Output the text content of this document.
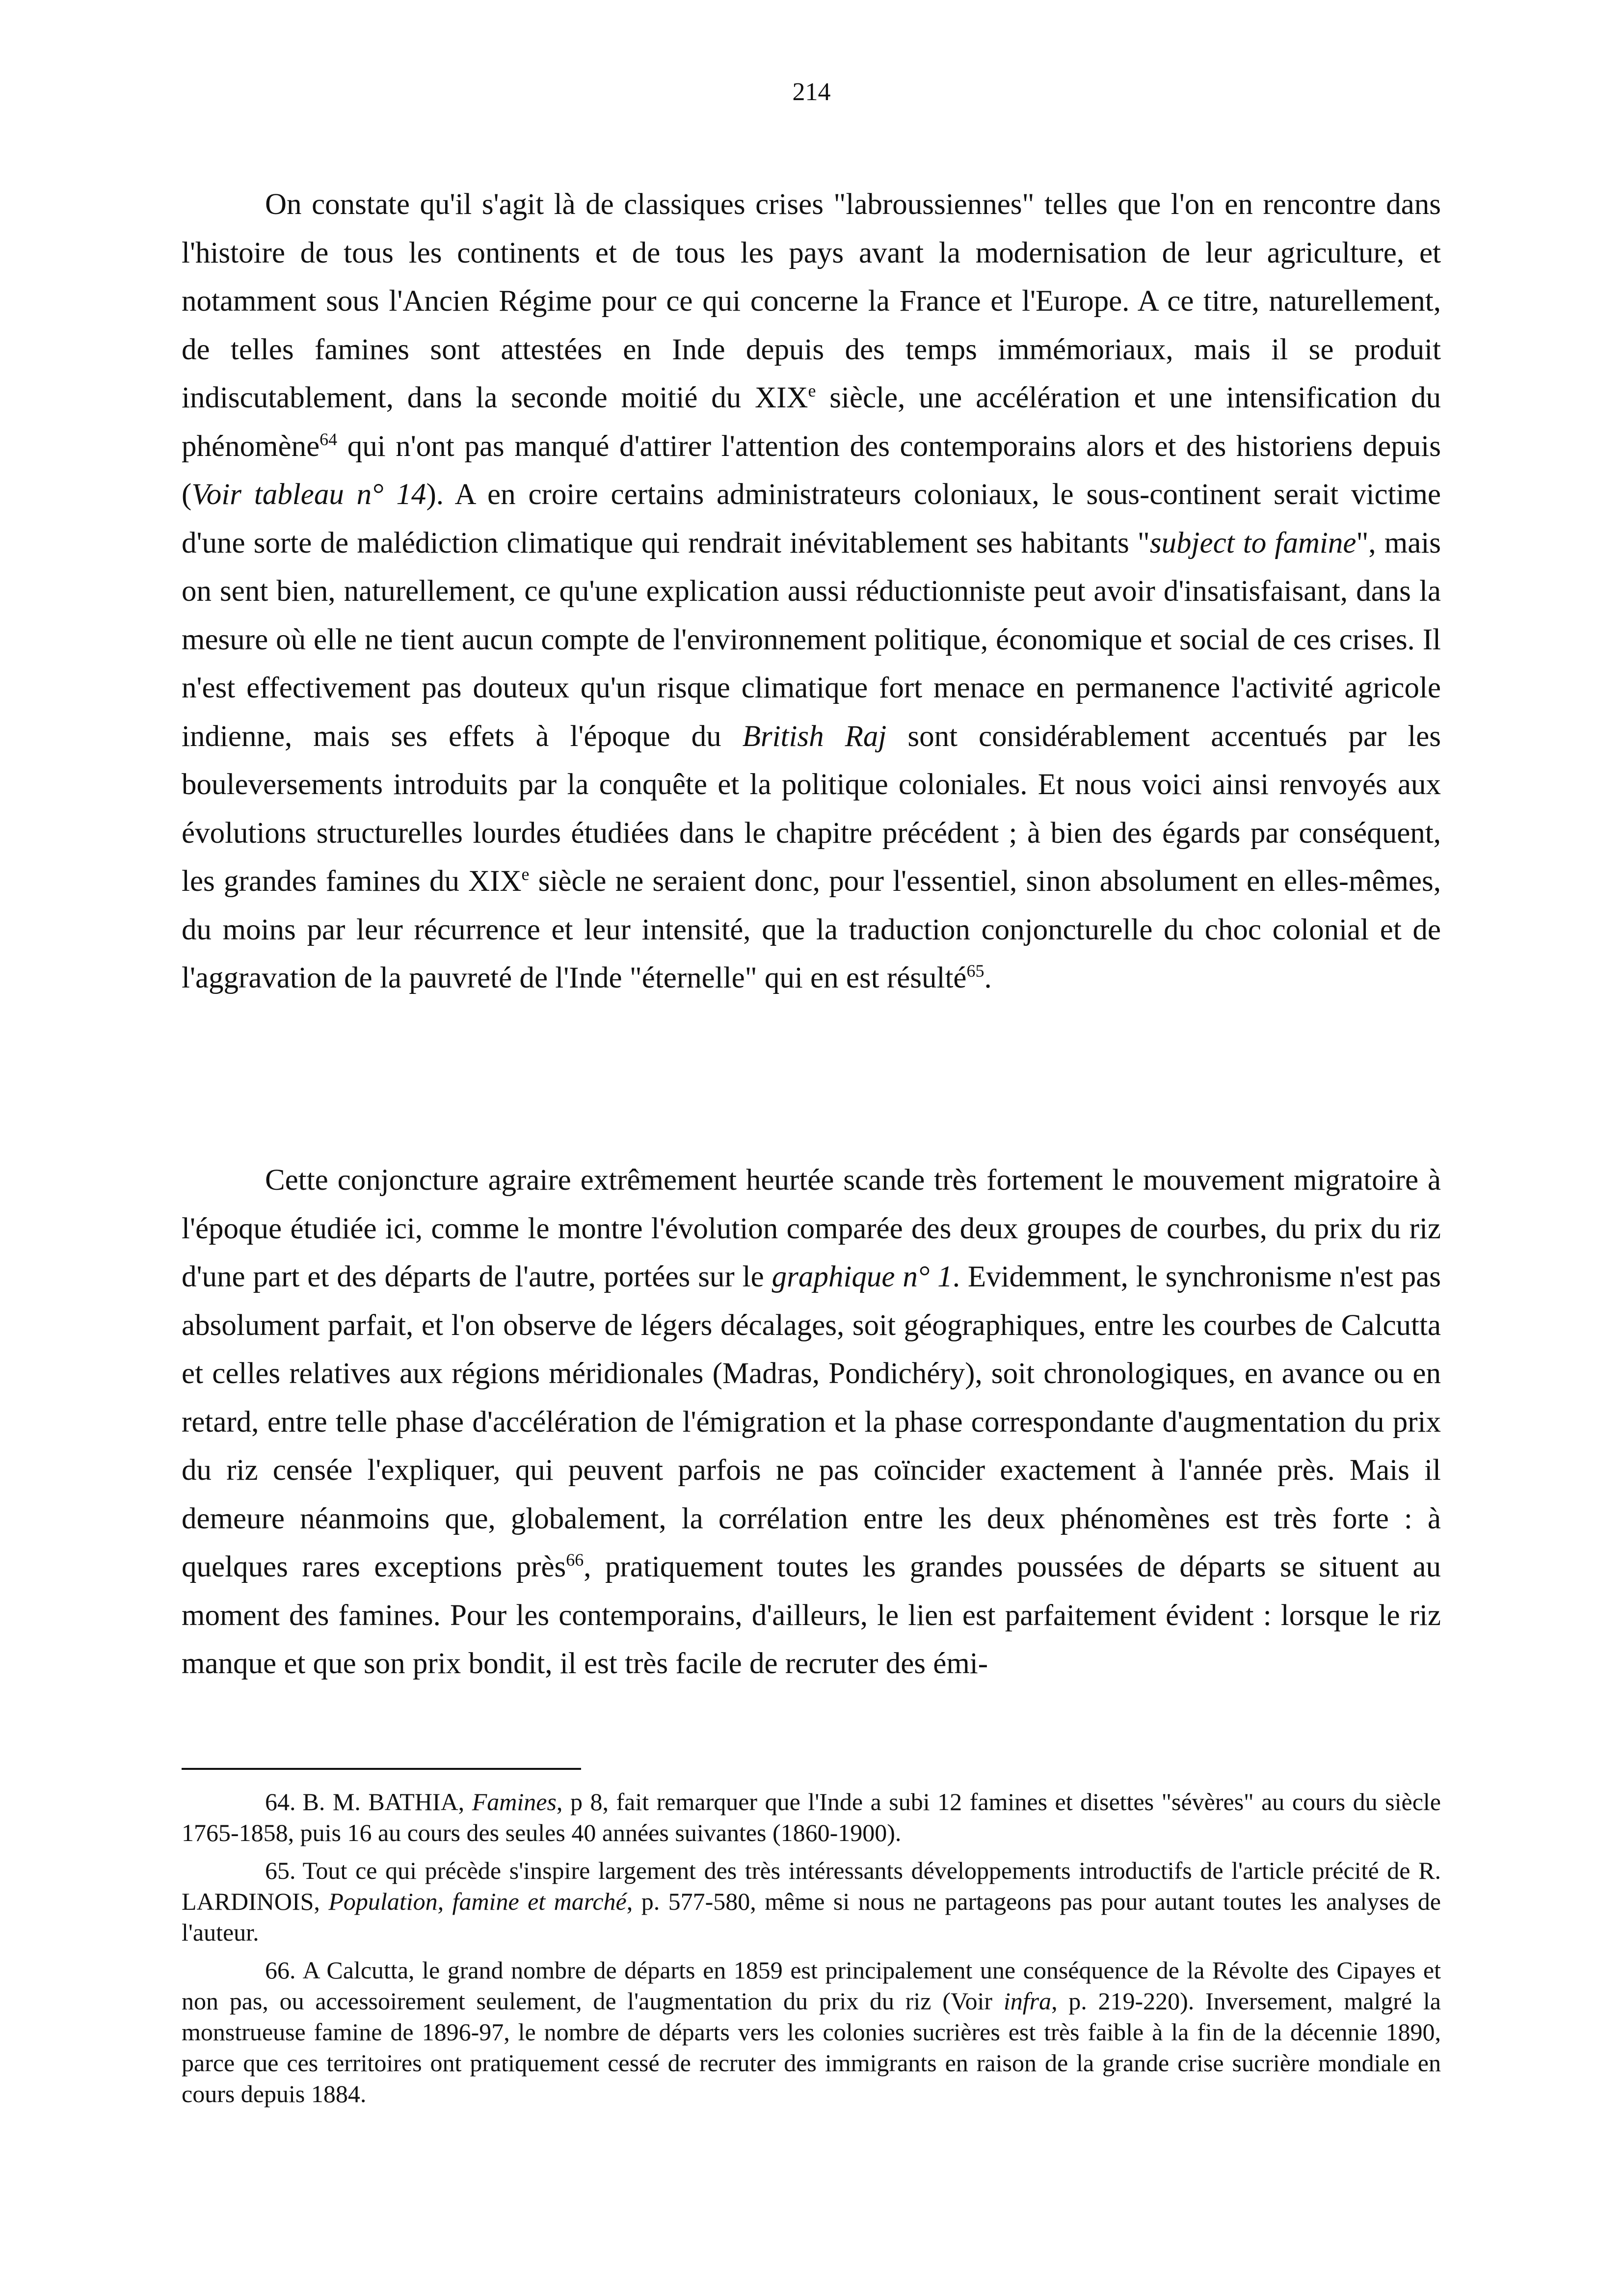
214

On constate qu'il s'agit là de classiques crises "labroussiennes" telles que l'on en rencontre dans l'histoire de tous les continents et de tous les pays avant la modernisation de leur agriculture, et notamment sous l'Ancien Régime pour ce qui concerne la France et l'Europe. A ce titre, naturellement, de telles famines sont attestées en Inde depuis des temps immémoriaux, mais il se produit indiscutablement, dans la seconde moitié du XIXe siècle, une accélération et une intensification du phénomène$^{64}$ qui n'ont pas manqué d'attirer l'attention des contemporains alors et des historiens depuis (Voir tableau n° 14). A en croire certains administrateurs coloniaux, le sous-continent serait victime d'une sorte de malédiction climatique qui rendrait inévitablement ses habitants "subject to famine", mais on sent bien, naturellement, ce qu'une explication aussi réductionniste peut avoir d'insatisfaisant, dans la mesure où elle ne tient aucun compte de l'environnement politique, économique et social de ces crises. Il n'est effectivement pas douteux qu'un risque climatique fort menace en permanence l'activité agricole indienne, mais ses effets à l'époque du British Raj sont considérablement accentués par les bouleversements introduits par la conquête et la politique coloniales. Et nous voici ainsi renvoyés aux évolutions structurelles lourdes étudiées dans le chapitre précédent ; à bien des égards par conséquent, les grandes famines du XIXe siècle ne seraient donc, pour l'essentiel, sinon absolument en elles-mêmes, du moins par leur récurrence et leur intensité, que la traduction conjoncturelle du choc colonial et de l'aggravation de la pauvreté de l'Inde "éternelle" qui en est résulté$^{65}$.

Cette conjoncture agraire extrêmement heurtée scande très fortement le mouvement migratoire à l'époque étudiée ici, comme le montre l'évolution comparée des deux groupes de courbes, du prix du riz d'une part et des départs de l'autre, portées sur le graphique n° 1. Evidemment, le synchronisme n'est pas absolument parfait, et l'on observe de légers décalages, soit géographiques, entre les courbes de Calcutta et celles relatives aux régions méridionales (Madras, Pondichéry), soit chronologiques, en avance ou en retard, entre telle phase d'accélération de l'émigration et la phase correspondante d'augmentation du prix du riz censée l'expliquer, qui peuvent parfois ne pas coïncider exactement à l'année près. Mais il demeure néanmoins que, globalement, la corrélation entre les deux phénomènes est très forte : à quelques rares exceptions près$^{66}$, pratiquement toutes les grandes poussées de départs se situent au moment des famines. Pour les contemporains, d'ailleurs, le lien est parfaitement évident : lorsque le riz manque et que son prix bondit, il est très facile de recruter des émi-

64. B. M. BATHIA, Famines, p 8, fait remarquer que l'Inde a subi 12 famines et disettes "sévères" au cours du siècle 1765-1858, puis 16 au cours des seules 40 années suivantes (1860-1900).

65. Tout ce qui précède s'inspire largement des très intéressants développements introductifs de l'article précité de R. LARDINOIS, Population, famine et marché, p. 577-580, même si nous ne partageons pas pour autant toutes les analyses de l'auteur.

66. A Calcutta, le grand nombre de départs en 1859 est principalement une conséquence de la Révolte des Cipayes et non pas, ou accessoirement seulement, de l'augmentation du prix du riz (Voir infra, p. 219-220). Inversement, malgré la monstrueuse famine de 1896-97, le nombre de départs vers les colonies sucrières est très faible à la fin de la décennie 1890, parce que ces territoires ont pratiquement cessé de recruter des immigrants en raison de la grande crise sucrière mondiale en cours depuis 1884.
